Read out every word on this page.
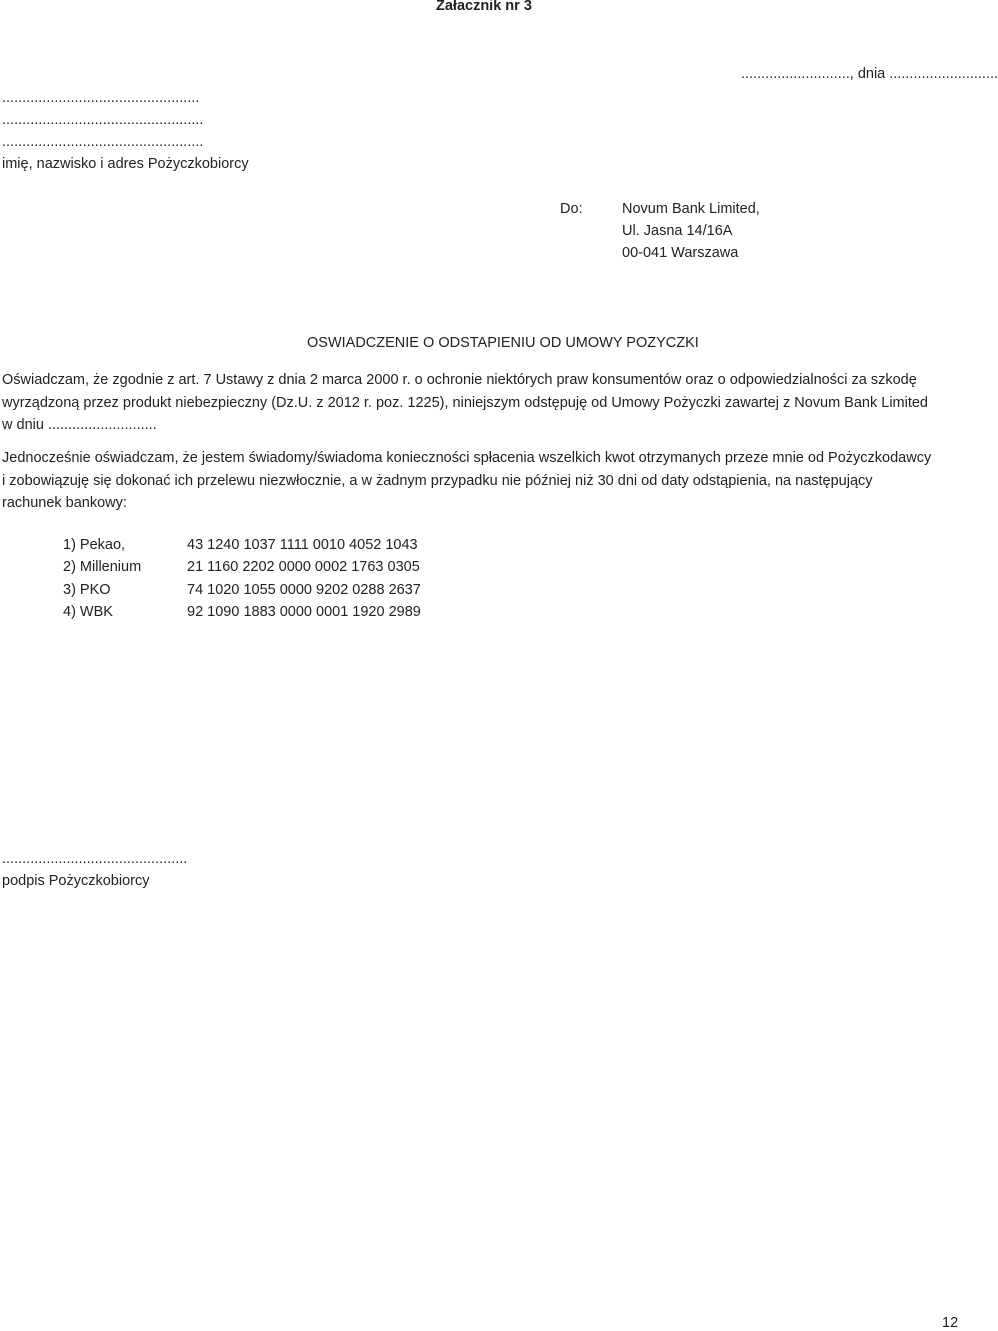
Załacznik nr 3
..........................., dnia ...........................
.................................................
..................................................
..................................................
imię, nazwisko i adres Pożyczkobiorcy
Do:	Novum Bank Limited,
Ul. Jasna 14/16A
00-041 Warszawa
OSWIADCZENIE O ODSTAPIENIU OD UMOWY POZYCZKI
Oświadczam, że zgodnie z art. 7 Ustawy z dnia 2 marca 2000 r. o ochronie niektórych praw konsumentów oraz o odpowiedzialności za szkodę
wyrządzoną przez produkt niebezpieczny (Dz.U. z 2012 r. poz. 1225), niniejszym odstępuję od Umowy Pożyczki zawartej z Novum Bank Limited
w dniu ...........................
Jednocześnie oświadczam, że jestem świadomy/świadoma konieczności spłacenia wszelkich kwot otrzymanych przeze mnie od Pożyczkodawcy
i zobowiązuję się dokonać ich przelewu niezwłocznie, a w żadnym przypadku nie później niż 30 dni od daty odstąpienia, na następujący
rachunek bankowy:
1) Pekao,	43 1240 1037 1111 0010 4052 1043
2) Millenium	21 1160 2202 0000 0002 1763 0305
3) PKO	74 1020 1055 0000 9202 0288 2637
4) WBK	92 1090 1883 0000 0001 1920 2989
..............................................
podpis Pożyczkobiorcy
12
